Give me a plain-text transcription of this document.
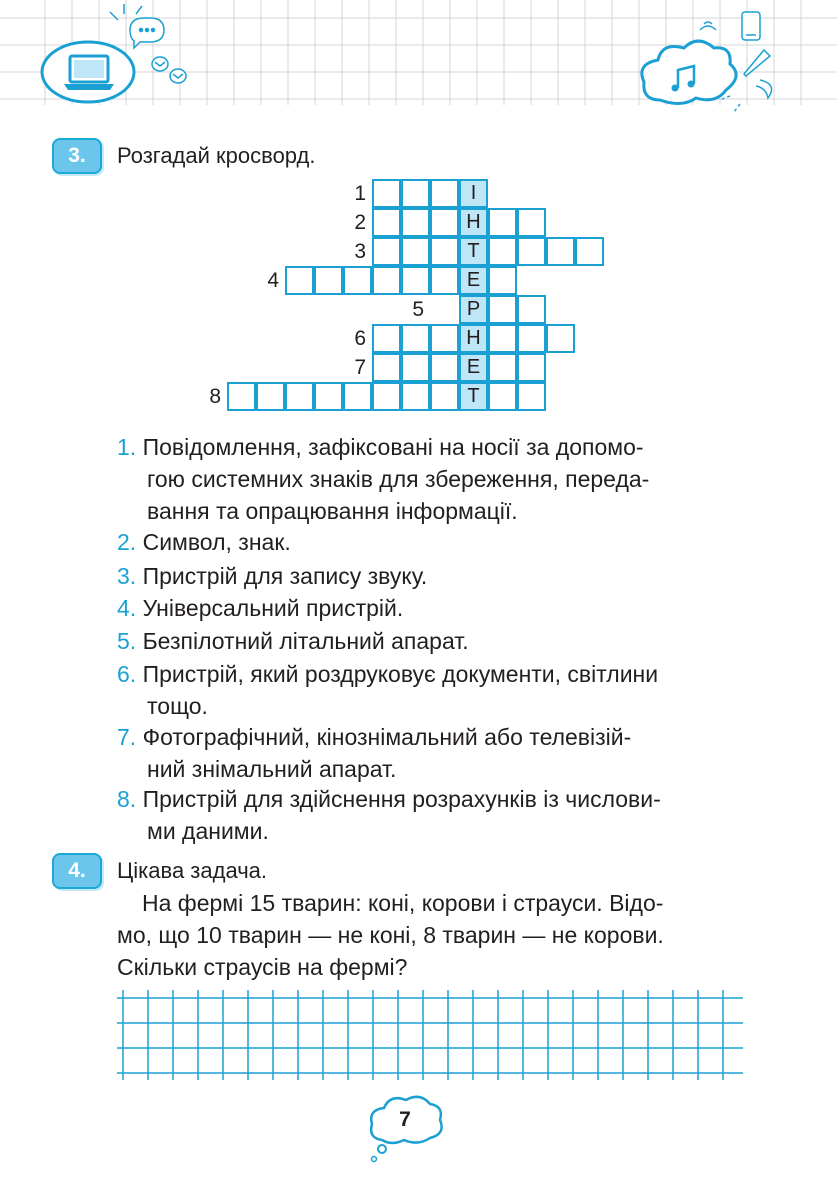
3. Розгадай кросворд.
1	І
2	Н
3	Т
4	Е
5	Р
6	Н
7	Е
8	Т
1. Повідомлення, зафіксовані на носії за допомо-
гою системних знаків для збереження, переда-
вання та опрацювання інформації.
2. Символ, знак.
3. Пристрій для запису звуку.
4. Універсальний пристрій.
5. Безпілотний літальний апарат.
6. Пристрій, який роздруковує документи, світлини
тощо.
7. Фотографічний, кінознімальний або телевізій-
ний знімальний апарат.
8. Пристрій для здійснення розрахунків із числови-
ми даними.
4. Цікава задача.
На фермі 15 тварин: коні, корови і страуси. Відо-
мо, що 10 тварин — не коні, 8 тварин — не корови.
Скільки страусів на фермі?
7
